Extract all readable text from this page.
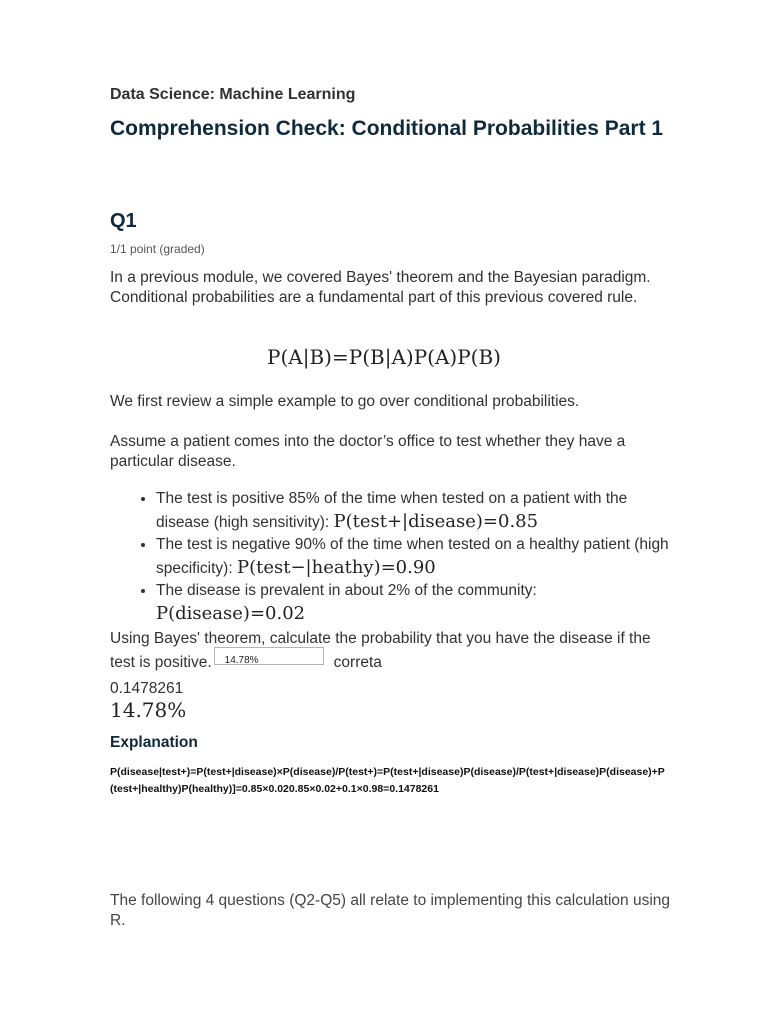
Data Science: Machine Learning
Comprehension Check: Conditional Probabilities Part 1
Q1
1/1 point (graded)
In a previous module, we covered Bayes' theorem and the Bayesian paradigm. Conditional probabilities are a fundamental part of this previous covered rule.
P(A|B)=P(B|A)P(A)P(B)
We first review a simple example to go over conditional probabilities.
Assume a patient comes into the doctor’s office to test whether they have a particular disease.
• The test is positive 85% of the time when tested on a patient with the disease (high sensitivity): P(test+|disease)=0.85
• The test is negative 90% of the time when tested on a healthy patient (high specificity): P(test−|heathy)=0.90
• The disease is prevalent in about 2% of the community: P(disease)=0.02
Using Bayes' theorem, calculate the probability that you have the disease if the test is positive. 14.78%	correta
0.1478261
14.78%
Explanation
P(disease|test+)=P(test+|disease)×P(disease)/P(test+)=P(test+|disease)P(disease)/P(test+|disease)P(disease)+P(test+|healthy)P(healthy)]=0.85×0.020.85×0.02+0.1×0.98=0.1478261
The following 4 questions (Q2-Q5) all relate to implementing this calculation using R.
